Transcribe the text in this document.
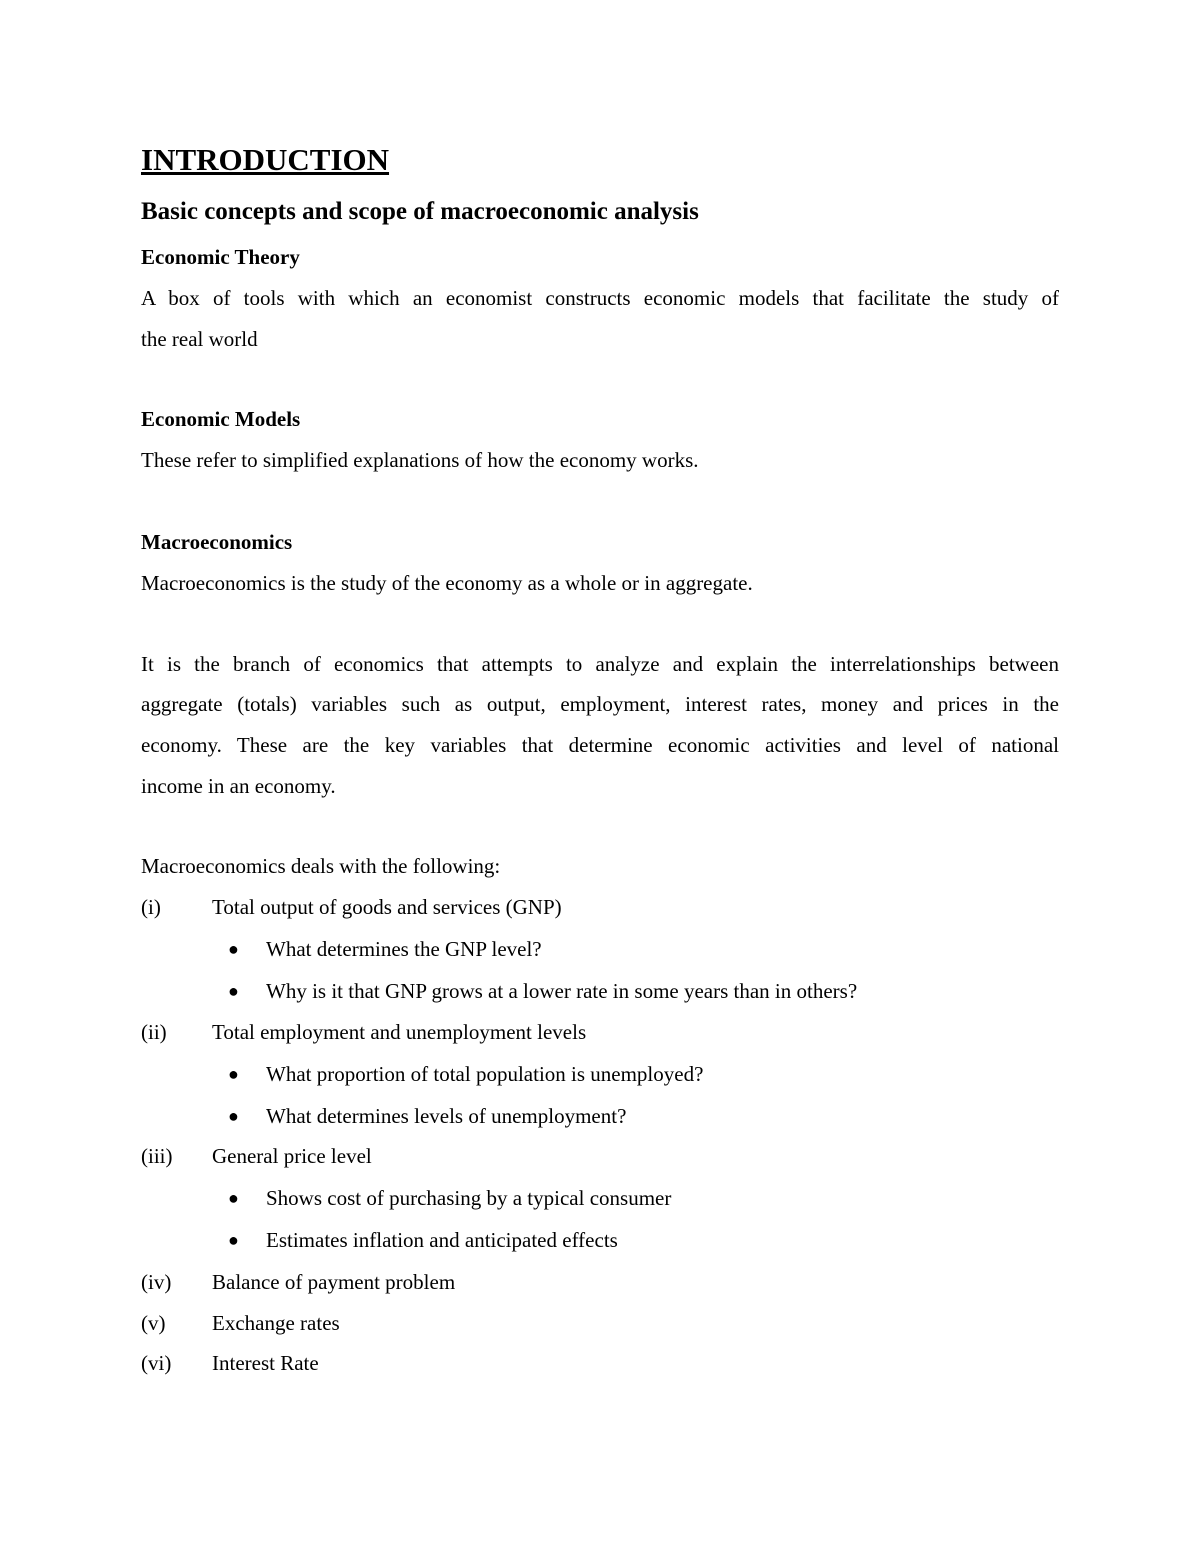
INTRODUCTION
Basic concepts and scope of macroeconomic analysis
Economic Theory
A box of tools with which an economist constructs economic models that facilitate the study of
the real world
Economic Models
These refer to simplified explanations of how the economy works.
Macroeconomics
Macroeconomics is the study of the economy as a whole or in aggregate.
It is the branch of economics that attempts to analyze and explain the interrelationships between
aggregate (totals) variables such as output, employment, interest rates, money and prices in the
economy. These are the key variables that determine economic activities and level of national
income in an economy.
Macroeconomics deals with the following:
(i) Total output of goods and services (GNP)
● What determines the GNP level?
● Why is it that GNP grows at a lower rate in some years than in others?
(ii) Total employment and unemployment levels
● What proportion of total population is unemployed?
● What determines levels of unemployment?
(iii) General price level
● Shows cost of purchasing by a typical consumer
● Estimates inflation and anticipated effects
(iv) Balance of payment problem
(v) Exchange rates
(vi) Interest Rate
